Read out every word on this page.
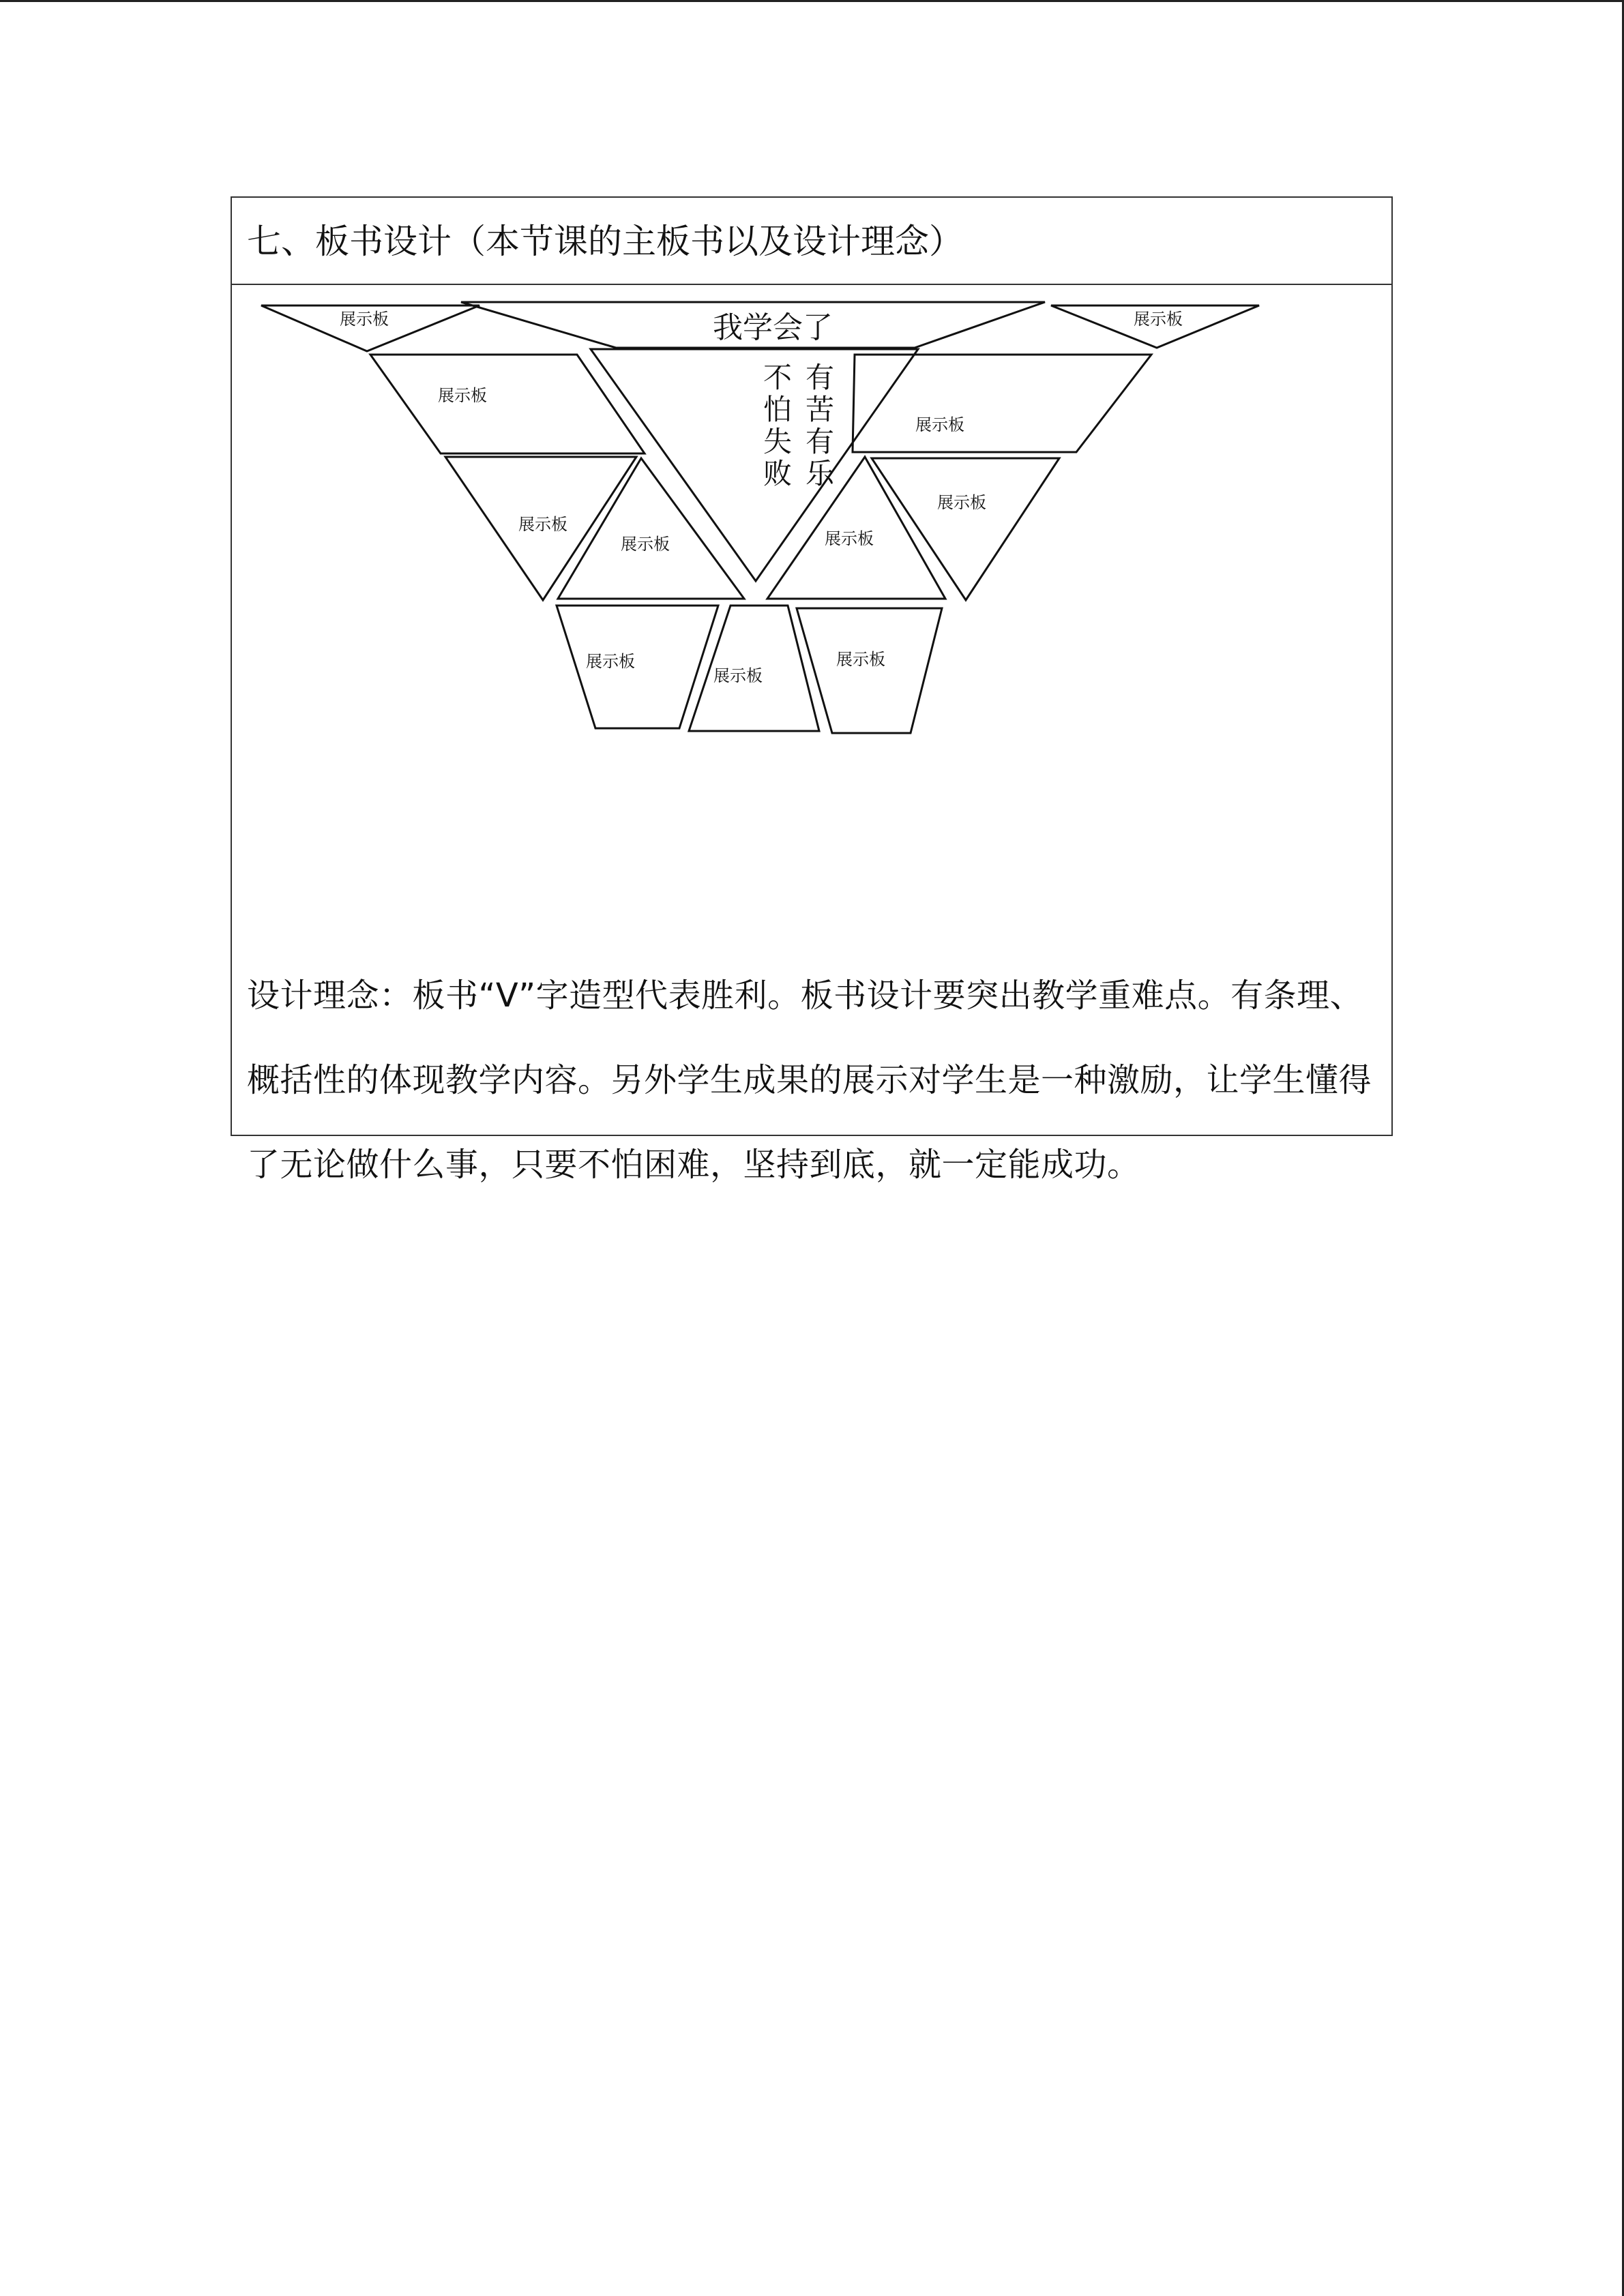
七、板书设计（本节课的主板书以及设计理念）

设计理念：板书“V”字造型代表胜利。板书设计要突出教学重难点。有条理、概括性的体现教学内容。另外学生成果的展示对学生是一种激励，让学生懂得了无论做什么事，只要不怕困难，坚持到底，就一定能成功。

我学会了
不
怕
失
败
有
苦
有
乐
展示板	展示板
展示板
展示板
展示板
展示板
展示板	展示板
展示板
展示板
展示板
